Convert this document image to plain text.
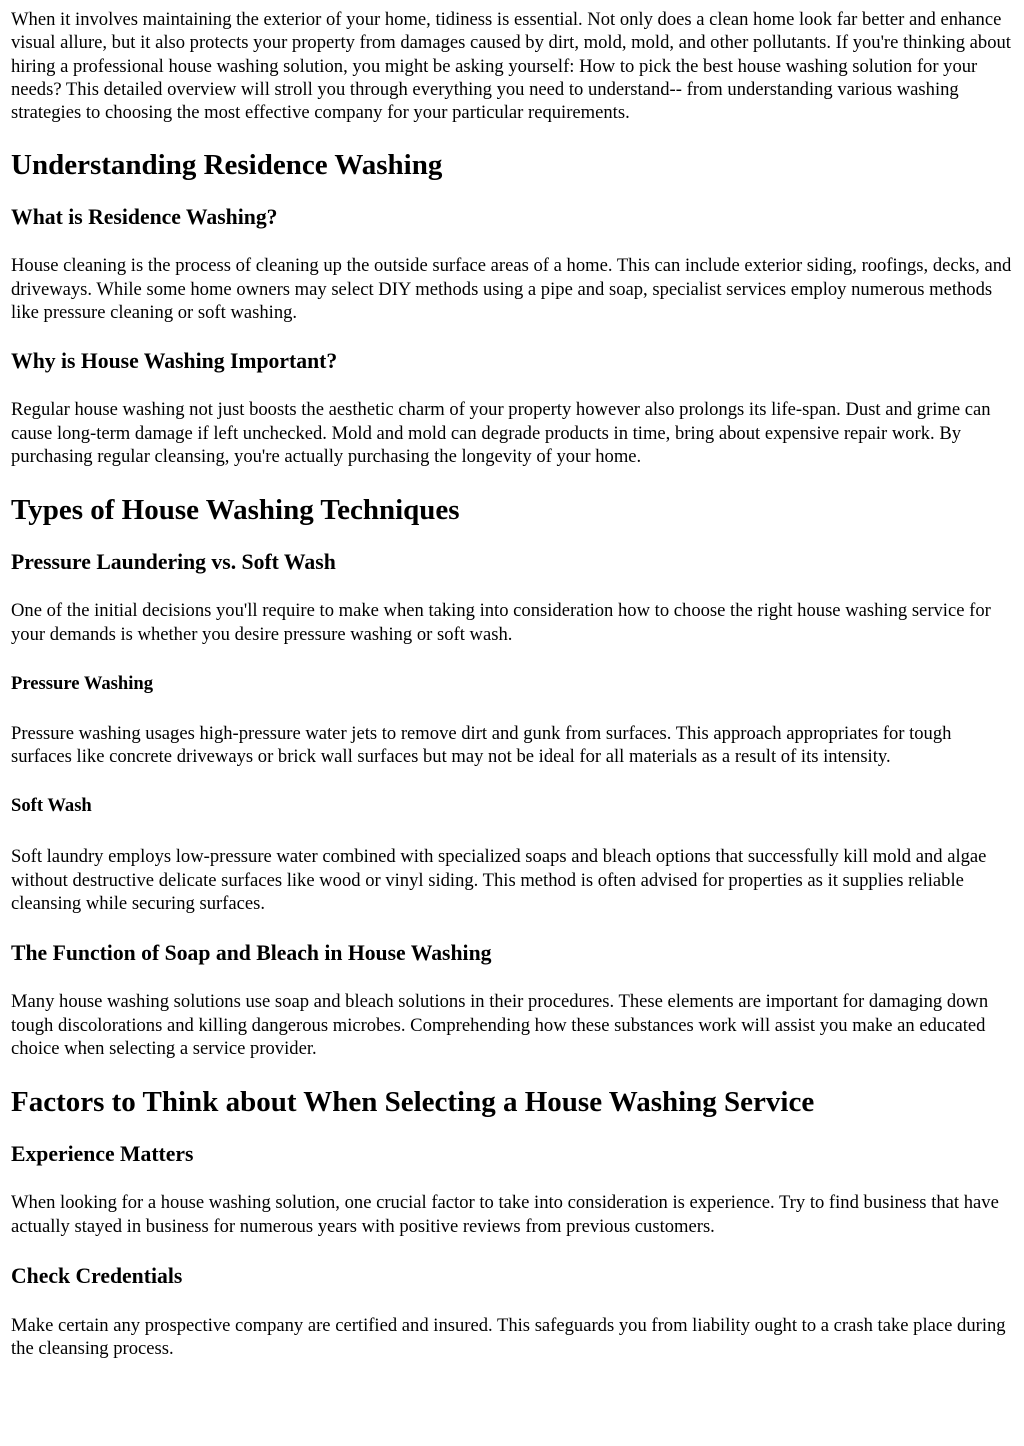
When it involves maintaining the exterior of your home, tidiness is essential. Not only does a clean home look far better and enhance visual allure, but it also protects your property from damages caused by dirt, mold, mold, and other pollutants. If you're thinking about hiring a professional house washing solution, you might be asking yourself: How to pick the best house washing solution for your needs? This detailed overview will stroll you through everything you need to understand-- from understanding various washing strategies to choosing the most effective company for your particular requirements.

Understanding Residence Washing
What is Residence Washing?

House cleaning is the process of cleaning up the outside surface areas of a home. This can include exterior siding, roofings, decks, and driveways. While some home owners may select DIY methods using a pipe and soap, specialist services employ numerous methods like pressure cleaning or soft washing.

Why is House Washing Important?

Regular house washing not just boosts the aesthetic charm of your property however also prolongs its life-span. Dust and grime can cause long-term damage if left unchecked. Mold and mold can degrade products in time, bring about expensive repair work. By purchasing regular cleansing, you're actually purchasing the longevity of your home.

Types of House Washing Techniques
Pressure Laundering vs. Soft Wash

One of the initial decisions you'll require to make when taking into consideration how to choose the right house washing service for your demands is whether you desire pressure washing or soft wash.

Pressure Washing

Pressure washing usages high-pressure water jets to remove dirt and gunk from surfaces. This approach appropriates for tough surfaces like concrete driveways or brick wall surfaces but may not be ideal for all materials as a result of its intensity.

Soft Wash

Soft laundry employs low-pressure water combined with specialized soaps and bleach options that successfully kill mold and algae without destructive delicate surfaces like wood or vinyl siding. This method is often advised for properties as it supplies reliable cleansing while securing surfaces.

The Function of Soap and Bleach in House Washing

Many house washing solutions use soap and bleach solutions in their procedures. These elements are important for damaging down tough discolorations and killing dangerous microbes. Comprehending how these substances work will assist you make an educated choice when selecting a service provider.

Factors to Think about When Selecting a House Washing Service
Experience Matters

When looking for a house washing solution, one crucial factor to take into consideration is experience. Try to find business that have actually stayed in business for numerous years with positive reviews from previous customers.

Check Credentials

Make certain any prospective company are certified and insured. This safeguards you from liability ought to a crash take place during the cleansing process.
